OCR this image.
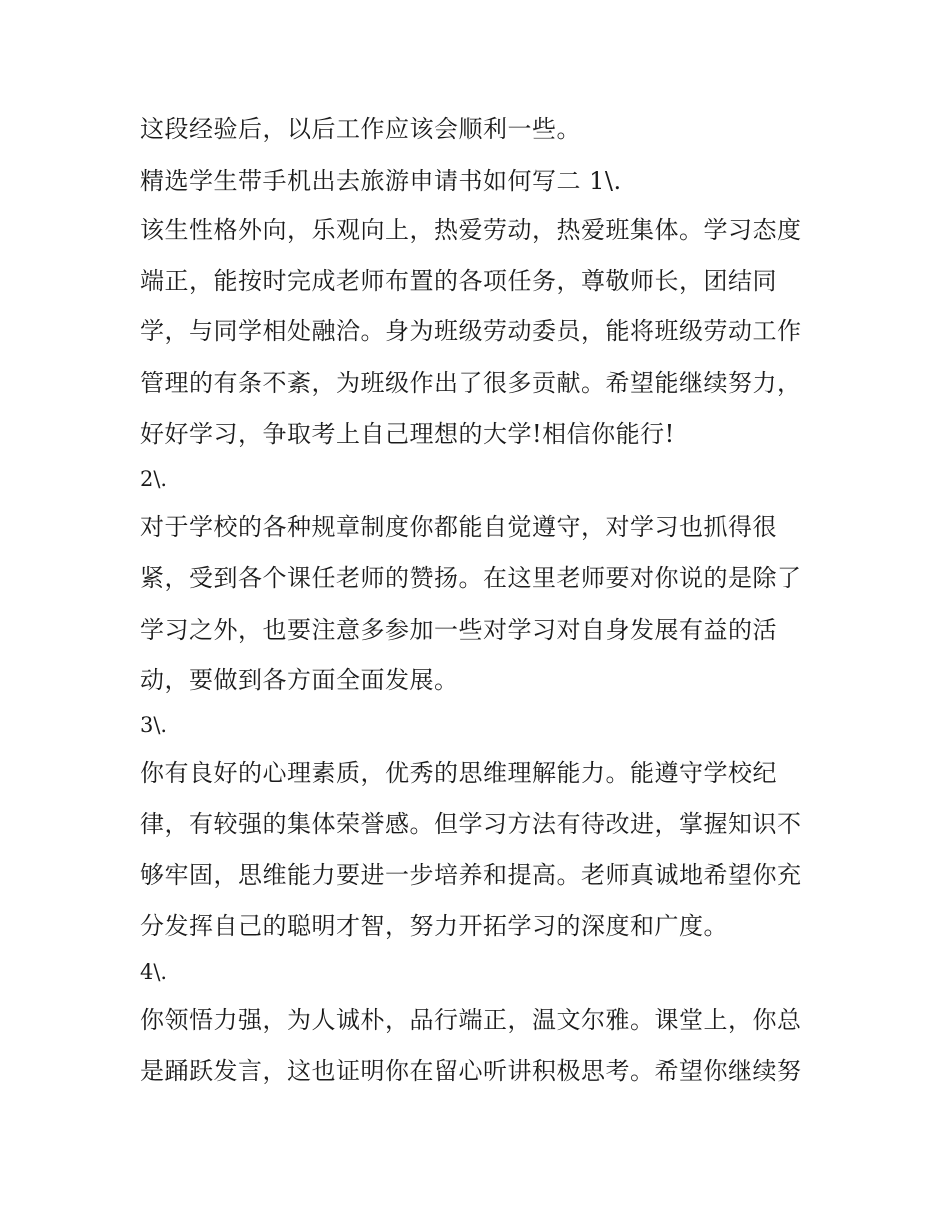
这段经验后，以后工作应该会顺利一些。
精选学生带手机出去旅游申请书如何写二 1\.
该生性格外向，乐观向上，热爱劳动，热爱班集体。学习态度
端正，能按时完成老师布置的各项任务，尊敬师长，团结同
学，与同学相处融洽。身为班级劳动委员，能将班级劳动工作
管理的有条不紊，为班级作出了很多贡献。希望能继续努力，
好好学习，争取考上自己理想的大学!相信你能行!
2\.
对于学校的各种规章制度你都能自觉遵守，对学习也抓得很
紧，受到各个课任老师的赞扬。在这里老师要对你说的是除了
学习之外，也要注意多参加一些对学习对自身发展有益的活
动，要做到各方面全面发展。
3\.
你有良好的心理素质，优秀的思维理解能力。能遵守学校纪
律，有较强的集体荣誉感。但学习方法有待改进，掌握知识不
够牢固，思维能力要进一步培养和提高。老师真诚地希望你充
分发挥自己的聪明才智，努力开拓学习的深度和广度。
4\.
你领悟力强，为人诚朴，品行端正，温文尔雅。课堂上，你总
是踊跃发言，这也证明你在留心听讲积极思考。希望你继续努
